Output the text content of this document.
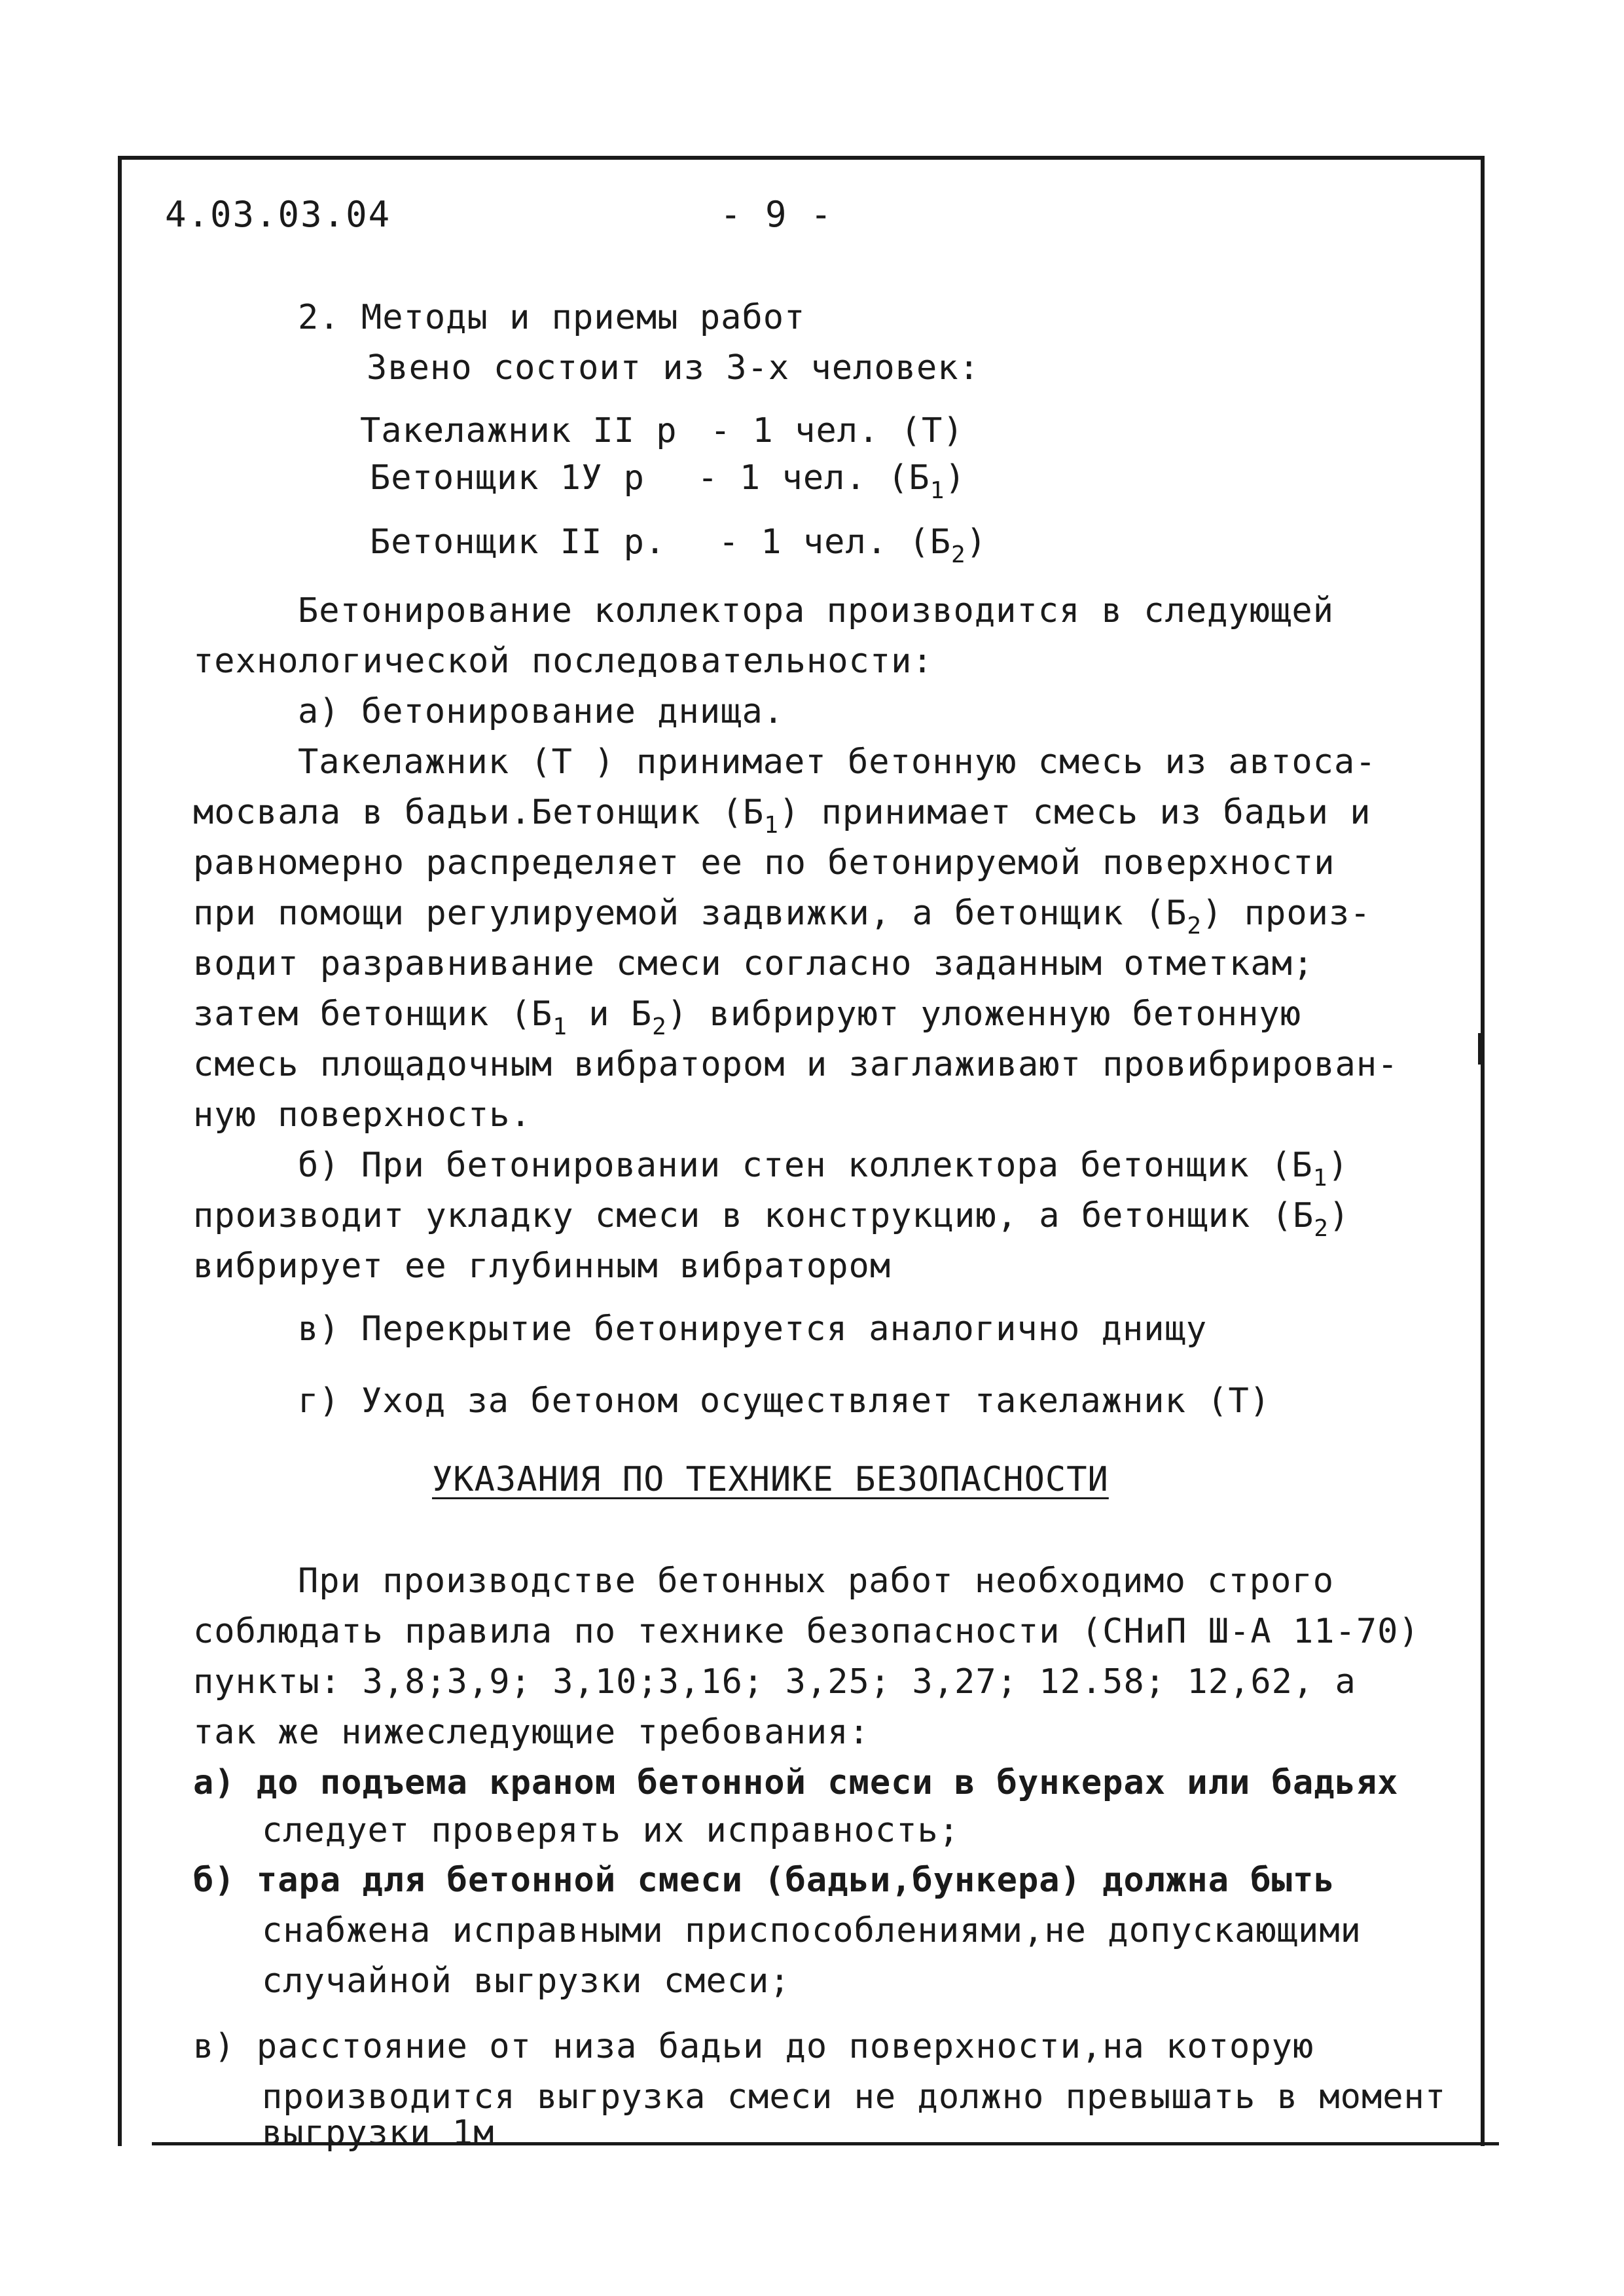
4.03.03.04	- 9 -
2. Методы и приемы работ
Звено состоит из 3-х человек:
Такелажник II р - 1 чел. (Т)
Бетонщик 1У р - 1 чел. $(Б_1)$
Бетонщик II р. - 1 чел. $(Б_2)$
Бетонирование коллектора производится в следующей
технологической последовательности:
а) бетонирование днища.
Такелажник (Т ) принимает бетонную смесь из автоса-
мосвала в бадьи.Бетонщик $(Б_1)$ принимает смесь из бадьи и
равномерно распределяет ее по бетонируемой поверхности
при помощи регулируемой задвижки, а бетонщик $(Б_2)$ произ-
водит разравнивание смеси согласно заданным отметкам;
затем бетонщик ($Б_1$ и $Б_2$) вибрируют уложенную бетонную
смесь площадочным вибратором и заглаживают провибрирован-
ную поверхность.
б) При бетонировании стен коллектора бетонщик $(Б_1)$
производит укладку смеси в конструкцию, а бетонщик $(Б_2)$
вибрирует ее глубинным вибратором
в) Перекрытие бетонируется аналогично днищу
г) Уход за бетоном осуществляет такелажник (Т)
УКАЗАНИЯ ПО ТЕХНИКЕ БЕЗОПАСНОСТИ
При производстве бетонных работ необходимо строго
соблюдать правила по технике безопасности (СНиП Ш-А 11-70)
пункты: 3,8;3,9; 3,10;3,16; 3,25; 3,27; 12.58; 12,62, а
так же нижеследующие требования:
а) до подъема краном бетонной смеси в бункерах или бадьях
следует проверять их исправность;
б) тара для бетонной смеси (бадьи,бункера) должна быть
снабжена исправными приспособлениями,не допускающими
случайной выгрузки смеси;
в) расстояние от низа бадьи до поверхности,на которую
производится выгрузка смеси не должно превышать в момент
выгрузки 1м
